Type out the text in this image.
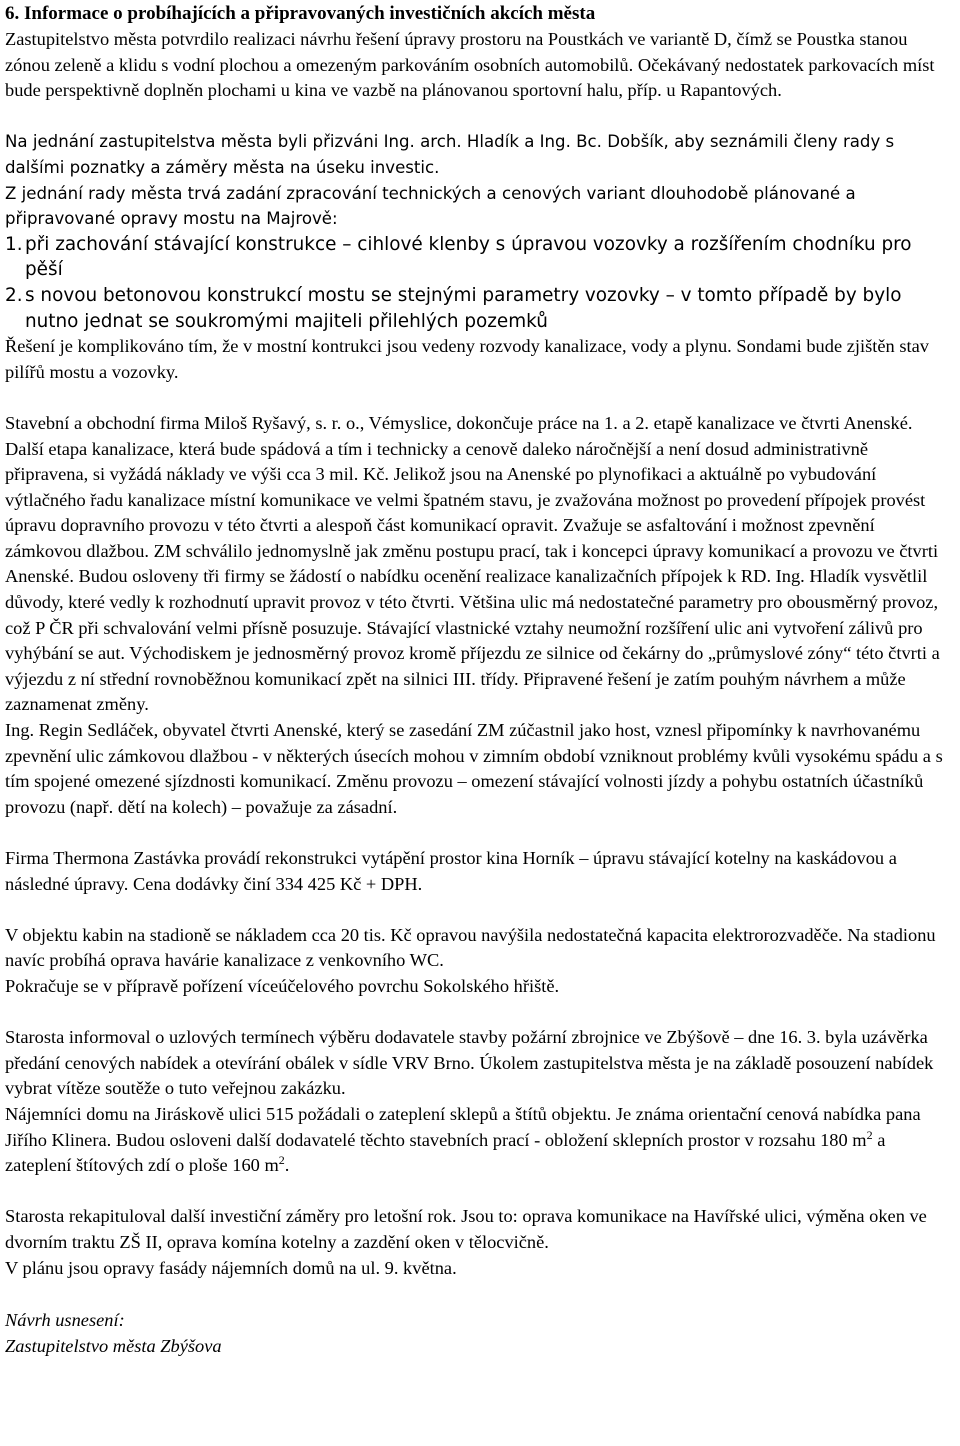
6. Informace o probíhajících a připravovaných investičních akcích města

Zastupitelstvo města potvrdilo realizaci návrhu řešení úpravy prostoru na Poustkách ve variantě D, čímž se Poustka stanou zónou zeleně a klidu s vodní plochou a omezeným parkováním osobních automobilů. Očekávaný nedostatek parkovacích míst bude perspektivně doplněn plochami u kina ve vazbě na plánovanou sportovní halu, příp. u Rapantových.

Na jednání zastupitelstva města byli přizváni Ing. arch. Hladík a Ing. Bc. Dobšík, aby seznámili členy rady s dalšími poznatky a záměry města na úseku investic.

Z jednání rady města trvá zadání zpracování technických a cenových variant dlouhodobě plánované a připravované opravy mostu na Majrově:

1. při zachování stávající konstrukce – cihlové klenby s úpravou vozovky a rozšířením chodníku pro pěší
2. s novou betonovou konstrukcí mostu se stejnými parametry vozovky – v tomto případě by bylo nutno jednat se soukromými majiteli přilehlých pozemků

Řešení je komplikováno tím, že v mostní kontrukci jsou vedeny rozvody kanalizace, vody a plynu. Sondami bude zjištěn stav pilířů mostu a vozovky.

Stavební a obchodní firma Miloš Ryšavý, s. r. o., Vémyslice, dokončuje práce na 1. a 2. etapě kanalizace ve čtvrti Anenské. Další etapa kanalizace, která bude spádová a tím i technicky a cenově daleko náročnější a není dosud administrativně připravena, si vyžádá náklady ve výši cca 3 mil. Kč. Jelikož jsou na Anenské po plynofikaci a aktuálně po vybudování výtlačného řadu kanalizace místní komunikace ve velmi špatném stavu, je zvažována možnost po provedení přípojek provést úpravu dopravního provozu v této čtvrti a alespoň část komunikací opravit. Zvažuje se asfaltování i možnost zpevnění zámkovou dlažbou. ZM schválilo jednomyslně jak změnu postupu prací, tak i koncepci úpravy komunikací a provozu ve čtvrti Anenské. Budou osloveny tři firmy se žádostí o nabídku ocenění realizace kanalizačních přípojek k RD. Ing. Hladík vysvětlil důvody, které vedly k rozhodnutí upravit provoz v této čtvrti. Většina ulic má nedostatečné parametry pro obousměrný provoz, což P ČR při schvalování velmi přísně posuzuje. Stávající vlastnické vztahy neumožní rozšíření ulic ani vytvoření zálivů pro vyhýbání se aut. Východiskem je jednosměrný provoz kromě příjezdu ze silnice od čekárny do „průmyslové zóny“ této čtvrti a výjezdu z ní střední rovnoběžnou komunikací zpět na silnici III. třídy. Připravené řešení je zatím pouhým návrhem a může zaznamenat změny.

Ing. Regin Sedláček, obyvatel čtvrti Anenské, který se zasedání ZM zúčastnil jako host, vznesl připomínky k navrhovanému zpevnění ulic zámkovou dlažbou - v některých úsecích mohou v zimním období vzniknout problémy kvůli vysokému spádu a s tím spojené omezené sjízdnosti komunikací. Změnu provozu – omezení stávající volnosti jízdy a pohybu ostatních účastníků provozu (např. dětí na kolech) – považuje za zásadní.

Firma Thermona Zastávka provádí rekonstrukci vytápění prostor kina Horník – úpravu stávající kotelny na kaskádovou a následné úpravy. Cena dodávky činí 334 425 Kč + DPH.

V objektu kabin na stadioně se nákladem cca 20 tis. Kč opravou navýšila nedostatečná kapacita elektrorozvaděče. Na stadionu navíc probíhá oprava havárie kanalizace z venkovního WC.

Pokračuje se v přípravě pořízení víceúčelového povrchu Sokolského hřiště.

Starosta informoval o uzlových termínech výběru dodavatele stavby požární zbrojnice ve Zbýšově – dne 16. 3. byla uzávěrka předání cenových nabídek a otevírání obálek v sídle VRV Brno. Úkolem zastupitelstva města je na základě posouzení nabídek vybrat vítěze soutěže o tuto veřejnou zakázku.

Nájemníci domu na Jiráskově ulici 515 požádali o zateplení sklepů a štítů objektu. Je známa orientační cenová nabídka pana Jiřího Klinera. Budou osloveni další dodavatelé těchto stavebních prací - obložení sklepních prostor v rozsahu 180 $m^2$ a zateplení štítových zdí o ploše 160 $m^2$.

Starosta rekapituloval další investiční záměry pro letošní rok. Jsou to: oprava komunikace na Havířské ulici, výměna oken ve dvorním traktu ZŠ II, oprava komína kotelny a zazdění oken v tělocvičně.

V plánu jsou opravy fasády nájemních domů na ul. 9. května.

Návrh usnesení:

Zastupitelstvo města Zbýšova
